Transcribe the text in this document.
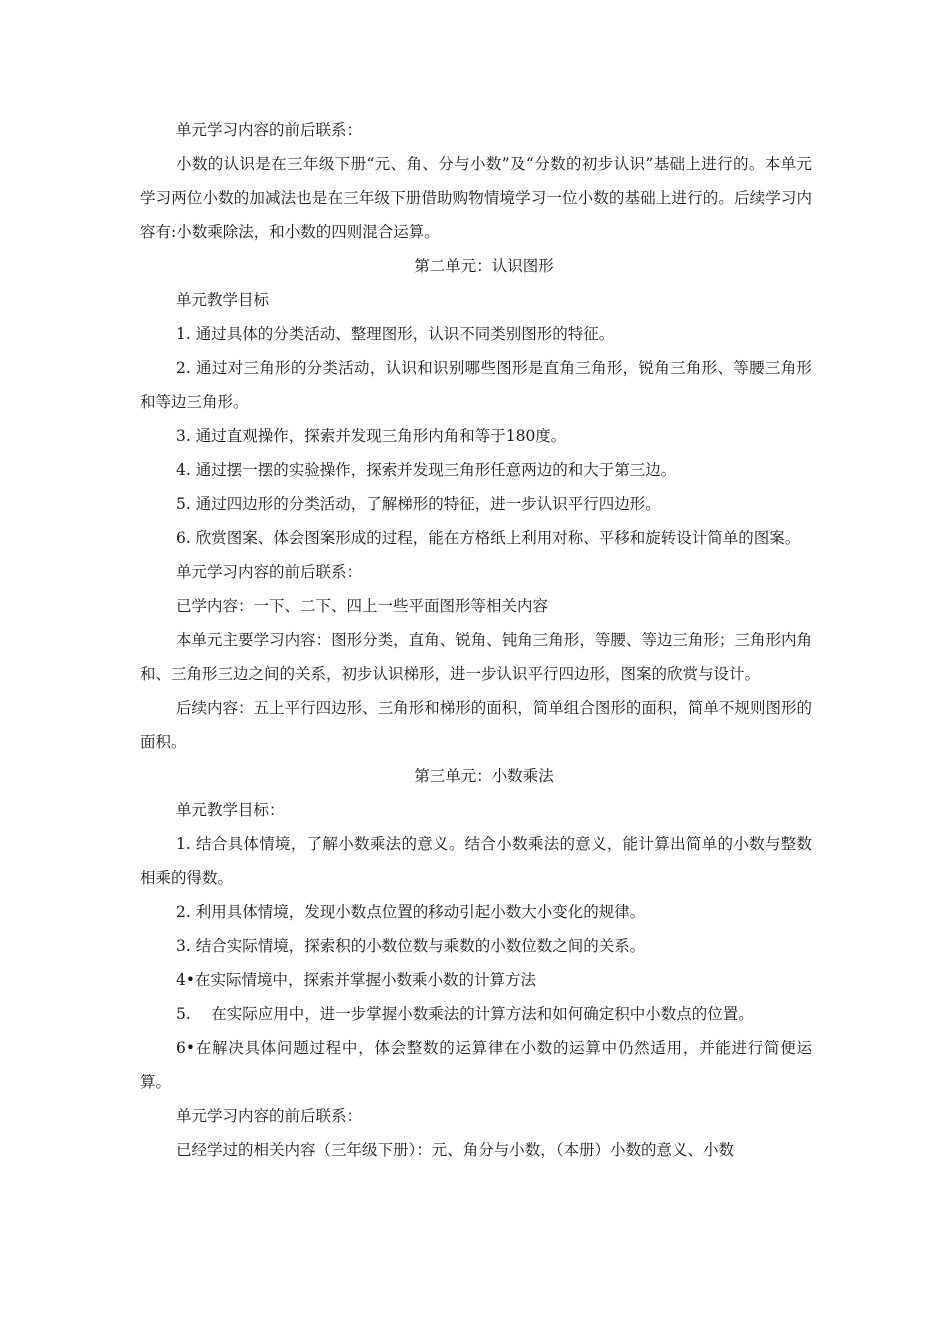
单元学习内容的前后联系：

小数的认识是在三年级下册“元、角、分与小数”及“分数的初步认识”基础上进行的。本单元学习两位小数的加减法也是在三年级下册借助购物情境学习一位小数的基础上进行的。后续学习内容有:小数乘除法，和小数的四则混合运算。

第二单元：认识图形

单元教学目标

1. 通过具体的分类活动、整理图形，认识不同类别图形的特征。

2. 通过对三角形的分类活动，认识和识别哪些图形是直角三角形，锐角三角形、等腰三角形和等边三角形。

3. 通过直观操作，探索并发现三角形内角和等于180度。

4. 通过摆一摆的实验操作，探索并发现三角形任意两边的和大于第三边。

5. 通过四边形的分类活动，了解梯形的特征，进一步认识平行四边形。

6. 欣赏图案、体会图案形成的过程，能在方格纸上利用对称、平移和旋转设计简单的图案。

单元学习内容的前后联系：

已学内容：一下、二下、四上一些平面图形等相关内容

本单元主要学习内容：图形分类，直角、锐角、钝角三角形，等腰、等边三角形；三角形内角和、三角形三边之间的关系，初步认识梯形，进一步认识平行四边形，图案的欣赏与设计。

后续内容：五上平行四边形、三角形和梯形的面积，简单组合图形的面积，简单不规则图形的面积。

第三单元：小数乘法

单元教学目标：

1. 结合具体情境，了解小数乘法的意义。结合小数乘法的意义，能计算出简单的小数与整数相乘的得数。

2. 利用具体情境，发现小数点位置的移动引起小数大小变化的规律。

3. 结合实际情境，探索积的小数位数与乘数的小数位数之间的关系。

4•在实际情境中，探索并掌握小数乘小数的计算方法

5.　 在实际应用中，进一步掌握小数乘法的计算方法和如何确定积中小数点的位置。

6•在解决具体问题过程中，体会整数的运算律在小数的运算中仍然适用，并能进行简便运算。

单元学习内容的前后联系：

已经学过的相关内容（三年级下册）：元、角分与小数，（本册）小数的意义、小数
